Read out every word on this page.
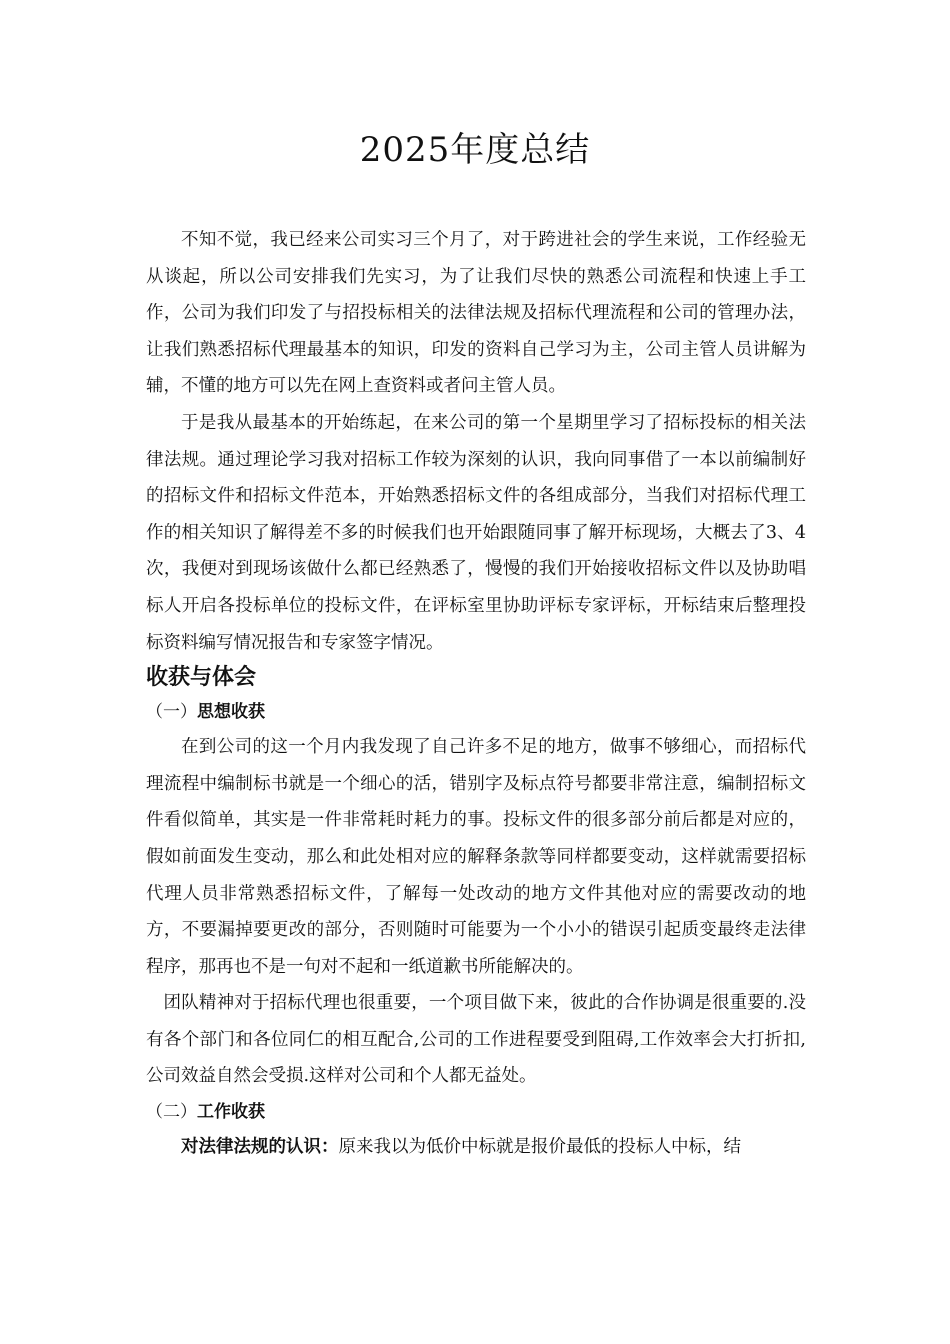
2025年度总结

不知不觉，我已经来公司实习三个月了，对于跨进社会的学生来说，工作经验无从谈起，所以公司安排我们先实习，为了让我们尽快的熟悉公司流程和快速上手工作，公司为我们印发了与招投标相关的法律法规及招标代理流程和公司的管理办法，让我们熟悉招标代理最基本的知识，印发的资料自己学习为主，公司主管人员讲解为辅，不懂的地方可以先在网上查资料或者问主管人员。

于是我从最基本的开始练起，在来公司的第一个星期里学习了招标投标的相关法律法规。通过理论学习我对招标工作较为深刻的认识，我向同事借了一本以前编制好的招标文件和招标文件范本，开始熟悉招标文件的各组成部分，当我们对招标代理工作的相关知识了解得差不多的时候我们也开始跟随同事了解开标现场，大概去了3、4次，我便对到现场该做什么都已经熟悉了，慢慢的我们开始接收招标文件以及协助唱标人开启各投标单位的投标文件，在评标室里协助评标专家评标，开标结束后整理投标资料编写情况报告和专家签字情况。

收获与体会
（一）思想收获

在到公司的这一个月内我发现了自己许多不足的地方，做事不够细心，而招标代理流程中编制标书就是一个细心的活，错别字及标点符号都要非常注意，编制招标文件看似简单，其实是一件非常耗时耗力的事。投标文件的很多部分前后都是对应的，假如前面发生变动，那么和此处相对应的解释条款等同样都要变动，这样就需要招标代理人员非常熟悉招标文件，了解每一处改动的地方文件其他对应的需要改动的地方，不要漏掉要更改的部分，否则随时可能要为一个小小的错误引起质变最终走法律程序，那再也不是一句对不起和一纸道歉书所能解决的。

团队精神对于招标代理也很重要，一个项目做下来，彼此的合作协调是很重要的.没有各个部门和各位同仁的相互配合,公司的工作进程要受到阻碍,工作效率会大打折扣,公司效益自然会受损.这样对公司和个人都无益处。

（二）工作收获

对法律法规的认识：原来我以为低价中标就是报价最低的投标人中标，结
